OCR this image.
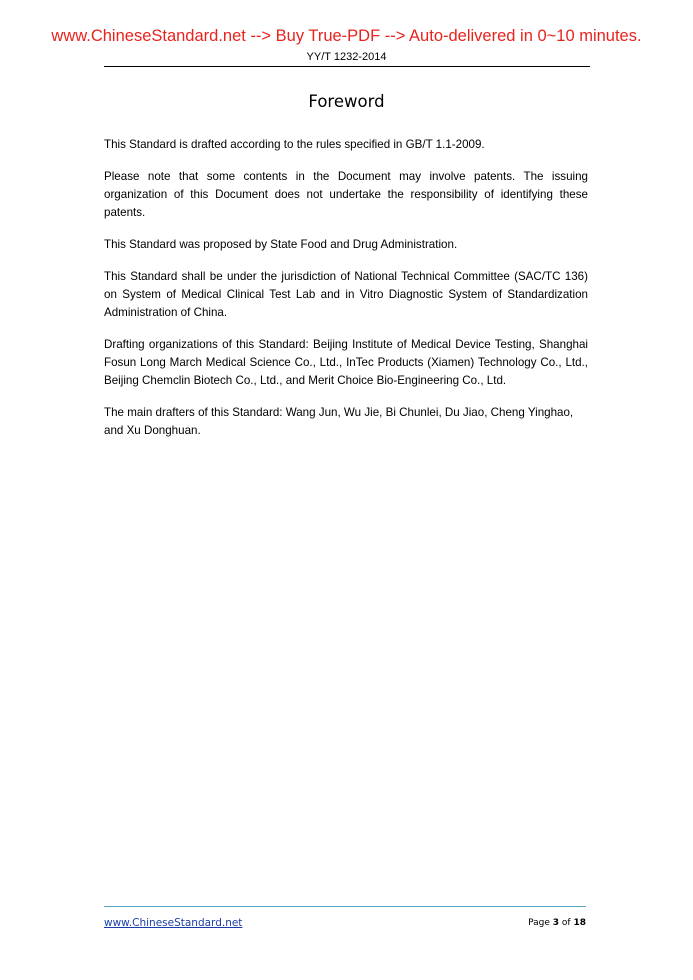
www.ChineseStandard.net --> Buy True-PDF --> Auto-delivered in 0~10 minutes.
YY/T 1232-2014
Foreword

This Standard is drafted according to the rules specified in GB/T 1.1-2009.

Please note that some contents in the Document may involve patents. The issuing organization of this Document does not undertake the responsibility of identifying these patents.

This Standard was proposed by State Food and Drug Administration.

This Standard shall be under the jurisdiction of National Technical Committee (SAC/TC 136) on System of Medical Clinical Test Lab and in Vitro Diagnostic System of Standardization Administration of China.

Drafting organizations of this Standard: Beijing Institute of Medical Device Testing, Shanghai Fosun Long March Medical Science Co., Ltd., InTec Products (Xiamen) Technology Co., Ltd., Beijing Chemclin Biotech Co., Ltd., and Merit Choice Bio-Engineering Co., Ltd.

The main drafters of this Standard: Wang Jun, Wu Jie, Bi Chunlei, Du Jiao, Cheng Yinghao, and Xu Donghuan.

www.ChineseStandard.net	Page 3 of 18
